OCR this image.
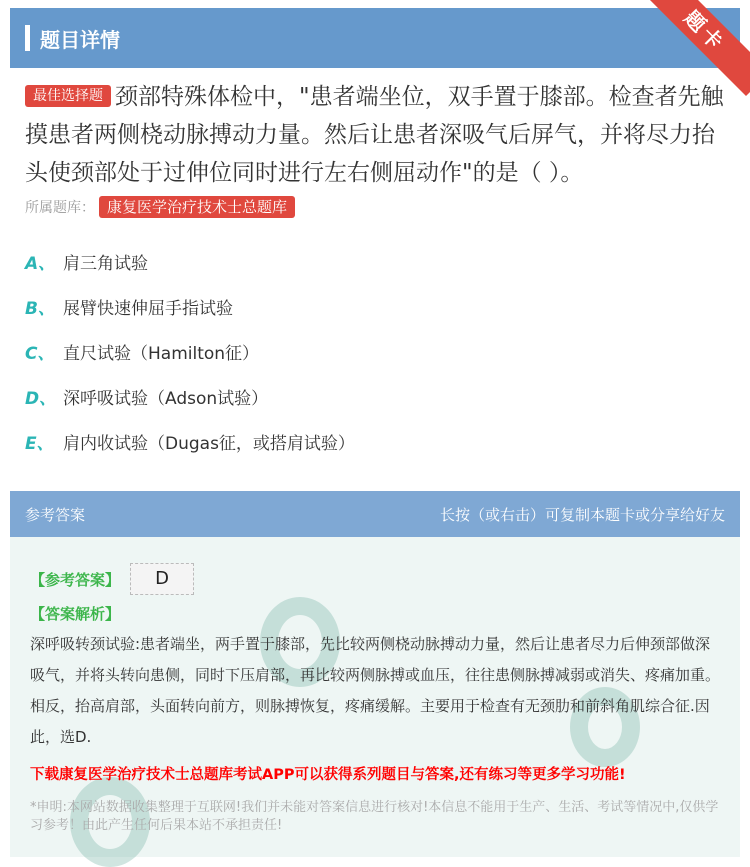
题目详情	题卡
最佳选择题 颈部特殊体检中，"患者端坐位，双手置于膝部。检查者先触摸患者两侧桡动脉搏动力量。然后让患者深吸气后屏气，并将尽力抬头使颈部处于过伸位同时进行左右侧屈动作"的是（ ）。
所属题库： 康复医学治疗技术士总题库
A、 肩三角试验
B、 展臂快速伸屈手指试验
C、 直尺试验（Hamilton征）
D、 深呼吸试验（Adson试验）
E、 肩内收试验（Dugas征，或搭肩试验）
参考答案	长按（或右击）可复制本题卡或分享给好友
【参考答案】	D
【答案解析】
深呼吸转颈试验:患者端坐，两手置于膝部，先比较两侧桡动脉搏动力量，然后让患者尽力后伸颈部做深吸气，并将头转向患侧，同时下压肩部，再比较两侧脉搏或血压，往往患侧脉搏减弱或消失、疼痛加重。相反，抬高肩部，头面转向前方，则脉搏恢复，疼痛缓解。主要用于检查有无颈肋和前斜角肌综合征.因此，选D.
下载康复医学治疗技术士总题库考试APP可以获得系列题目与答案,还有练习等更多学习功能!
*申明:本网站数据收集整理于互联网!我们并未能对答案信息进行核对!本信息不能用于生产、生活、考试等情况中,仅供学习参考！由此产生任何后果本站不承担责任!
